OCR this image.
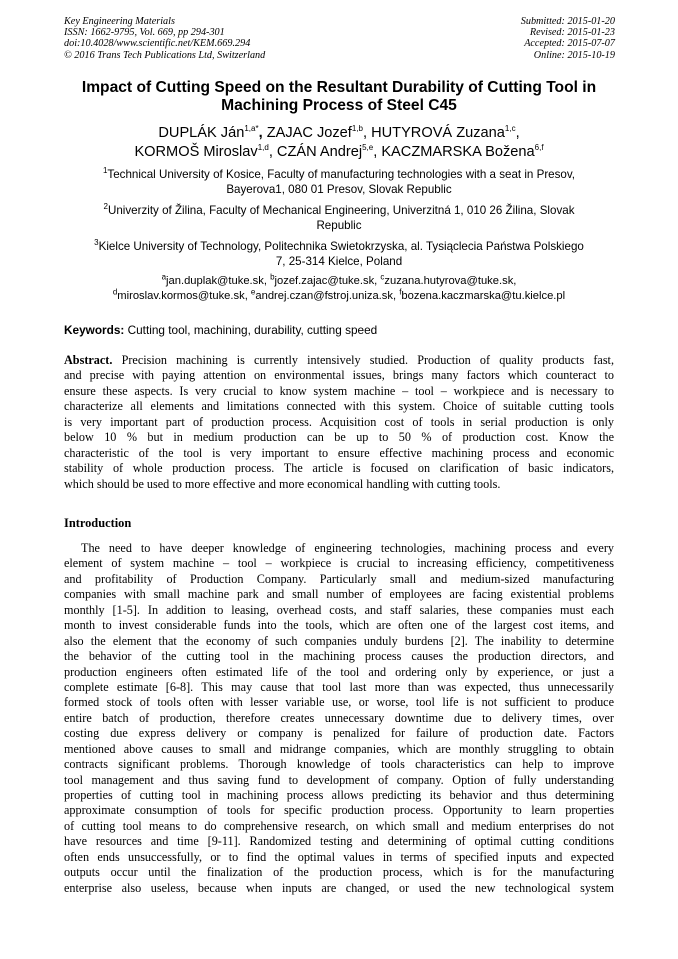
Key Engineering Materials
ISSN: 1662-9795, Vol. 669, pp 294-301
doi:10.4028/www.scientific.net/KEM.669.294
© 2016 Trans Tech Publications Ltd, Switzerland
Submitted: 2015-01-20
Revised: 2015-01-23
Accepted: 2015-07-07
Online: 2015-10-19
Impact of Cutting Speed on the Resultant Durability of Cutting Tool in
Machining Process of Steel C45
DUPLÁK Ján$^{1,a*}$, ZAJAC Jozef$^{1,b}$, HUTYROVÁ Zuzana$^{1,c}$,
KORMOŠ Miroslav$^{1,d}$, CZÁN Andrej$^{5,e}$, KACZMARSKA Božena$^{6,f}$
$^1$Technical University of Kosice, Faculty of manufacturing technologies with a seat in Presov,
Bayerova1, 080 01 Presov, Slovak Republic
$^2$Univerzity of Žilina, Faculty of Mechanical Engineering, Univerzitná 1, 010 26 Žilina, Slovak
Republic
$^3$Kielce University of Technology, Politechnika Swietokrzyska, al. Tysiąclecia Państwa Polskiego
7, 25-314 Kielce, Poland
$^a$jan.duplak@tuke.sk, $^b$jozef.zajac@tuke.sk, $^c$zuzana.hutyrova@tuke.sk,
$^d$miroslav.kormos@tuke.sk, $^e$andrej.czan@fstroj.uniza.sk, $^f$bozena.kaczmarska@tu.kielce.pl
Keywords: Cutting tool, machining, durability, cutting speed
Abstract. Precision machining is currently intensively studied. Production of quality products fast,
and precise with paying attention on environmental issues, brings many factors which counteract to
ensure these aspects. Is very crucial to know system machine – tool – workpiece and is necessary to
characterize all elements and limitations connected with this system. Choice of suitable cutting tools
is very important part of production process. Acquisition cost of tools in serial production is only
below 10 % but in medium production can be up to 50 % of production cost. Know the
characteristic of the tool is very important to ensure effective machining process and economic
stability of whole production process. The article is focused on clarification of basic indicators,
which should be used to more effective and more economical handling with cutting tools.
Introduction
The need to have deeper knowledge of engineering technologies, machining process and every
element of system machine – tool – workpiece is crucial to increasing efficiency, competitiveness
and profitability of Production Company. Particularly small and medium-sized manufacturing
companies with small machine park and small number of employees are facing existential problems
monthly [1-5]. In addition to leasing, overhead costs, and staff salaries, these companies must each
month to invest considerable funds into the tools, which are often one of the largest cost items, and
also the element that the economy of such companies unduly burdens [2]. The inability to determine
the behavior of the cutting tool in the machining process causes the production directors, and
production engineers often estimated life of the tool and ordering only by experience, or just a
complete estimate [6-8]. This may cause that tool last more than was expected, thus unnecessarily
formed stock of tools often with lesser variable use, or worse, tool life is not sufficient to produce
entire batch of production, therefore creates unnecessary downtime due to delivery times, over
costing due express delivery or company is penalized for failure of production date. Factors
mentioned above causes to small and midrange companies, which are monthly struggling to obtain
contracts significant problems. Thorough knowledge of tools characteristics can help to improve
tool management and thus saving fund to development of company. Option of fully understanding
properties of cutting tool in machining process allows predicting its behavior and thus determining
approximate consumption of tools for specific production process. Opportunity to learn properties
of cutting tool means to do comprehensive research, on which small and medium enterprises do not
have resources and time [9-11]. Randomized testing and determining of optimal cutting conditions
often ends unsuccessfully, or to find the optimal values in terms of specified inputs and expected
outputs occur until the finalization of the production process, which is for the manufacturing
enterprise also useless, because when inputs are changed, or used the new technological system
